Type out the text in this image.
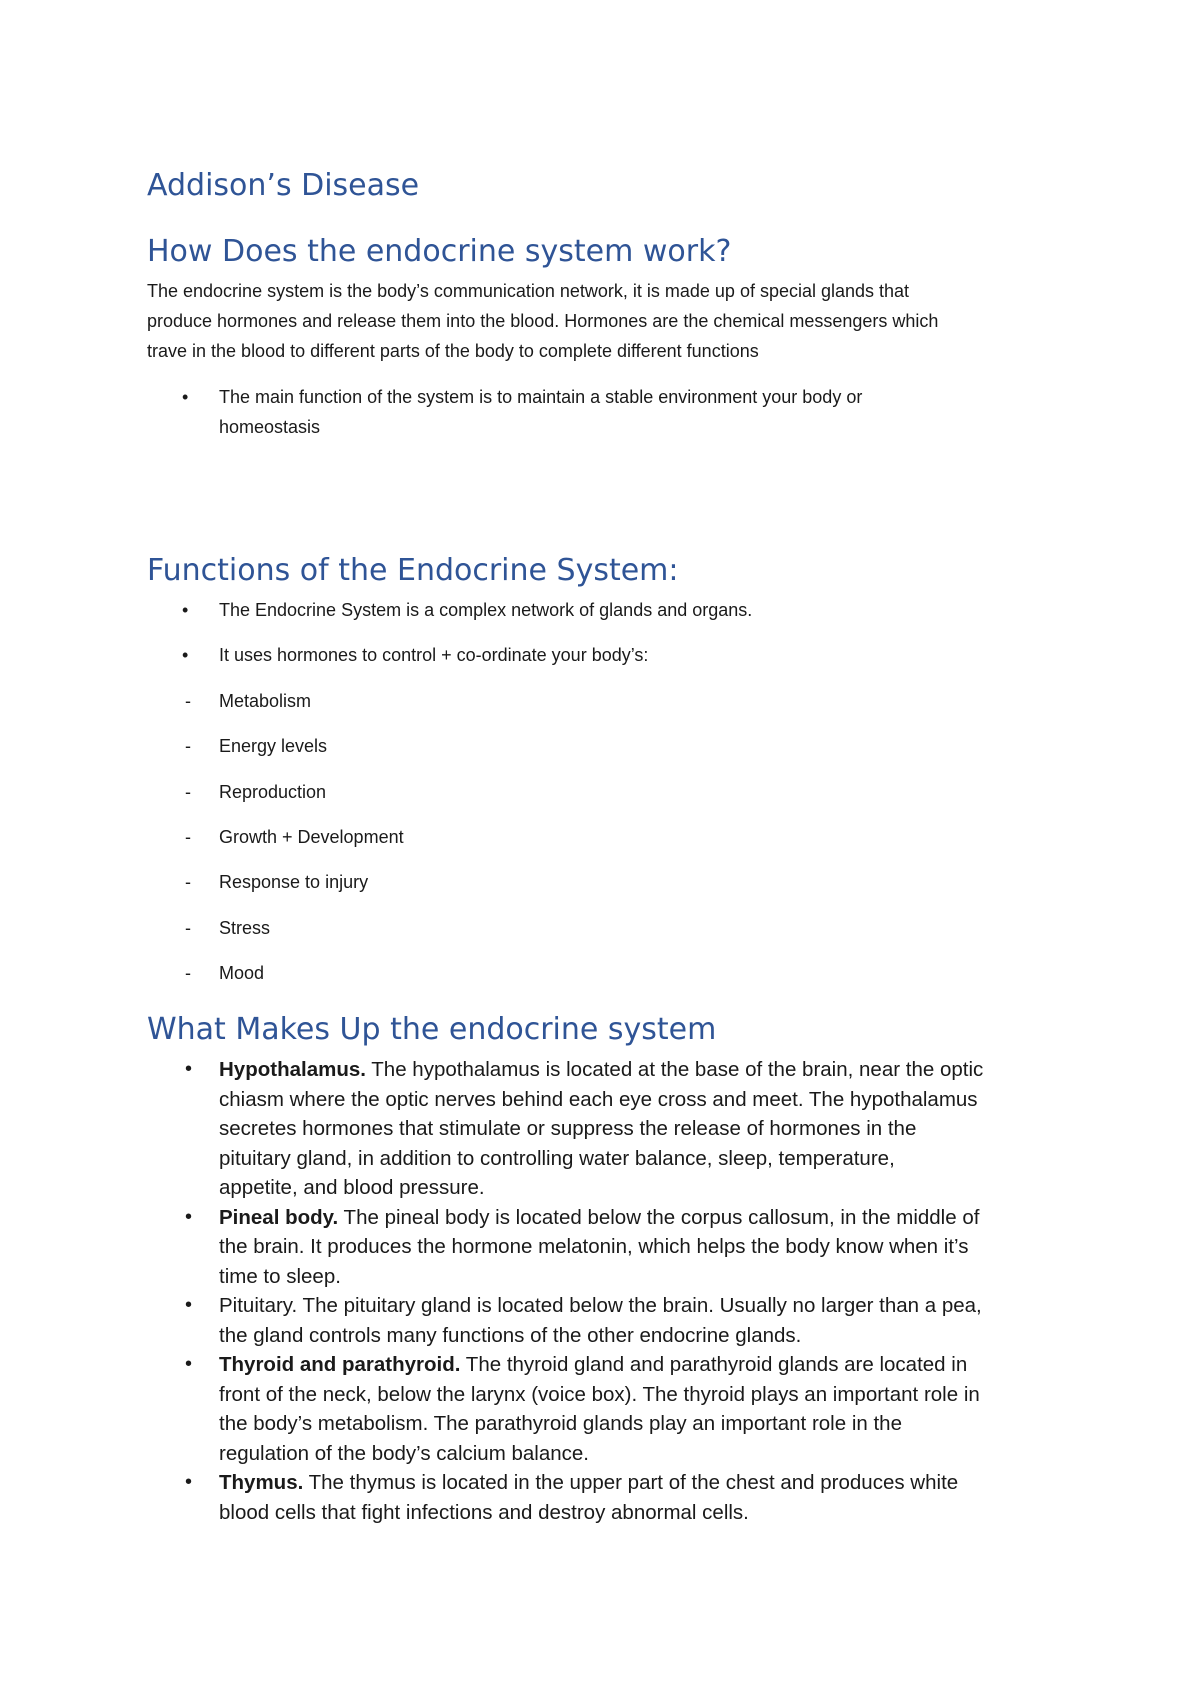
Addison’s Disease
How Does the endocrine system work?

The endocrine system is the body’s communication network, it is made up of special glands that
produce hormones and release them into the blood. Hormones are the chemical messengers which
trave in the blood to different parts of the body to complete different functions

•	The main function of the system is to maintain a stable environment your body or
homeostasis
Functions of the Endocrine System:
•	The Endocrine System is a complex network of glands and organs.
•	It uses hormones to control + co-ordinate your body’s:
-	Metabolism
-	Energy levels
-	Reproduction
-	Growth + Development
-	Response to injury
-	Stress
-	Mood
What Makes Up the endocrine system
•	Hypothalamus. The hypothalamus is located at the base of the brain, near the optic
chiasm where the optic nerves behind each eye cross and meet. The hypothalamus
secretes hormones that stimulate or suppress the release of hormones in the
pituitary gland, in addition to controlling water balance, sleep, temperature,
appetite, and blood pressure.
•	Pineal body. The pineal body is located below the corpus callosum, in the middle of
the brain. It produces the hormone melatonin, which helps the body know when it’s
time to sleep.
•	Pituitary. The pituitary gland is located below the brain. Usually no larger than a pea,
the gland controls many functions of the other endocrine glands.
•	Thyroid and parathyroid. The thyroid gland and parathyroid glands are located in
front of the neck, below the larynx (voice box). The thyroid plays an important role in
the body’s metabolism. The parathyroid glands play an important role in the
regulation of the body’s calcium balance.
•	Thymus. The thymus is located in the upper part of the chest and produces white
blood cells that fight infections and destroy abnormal cells.
